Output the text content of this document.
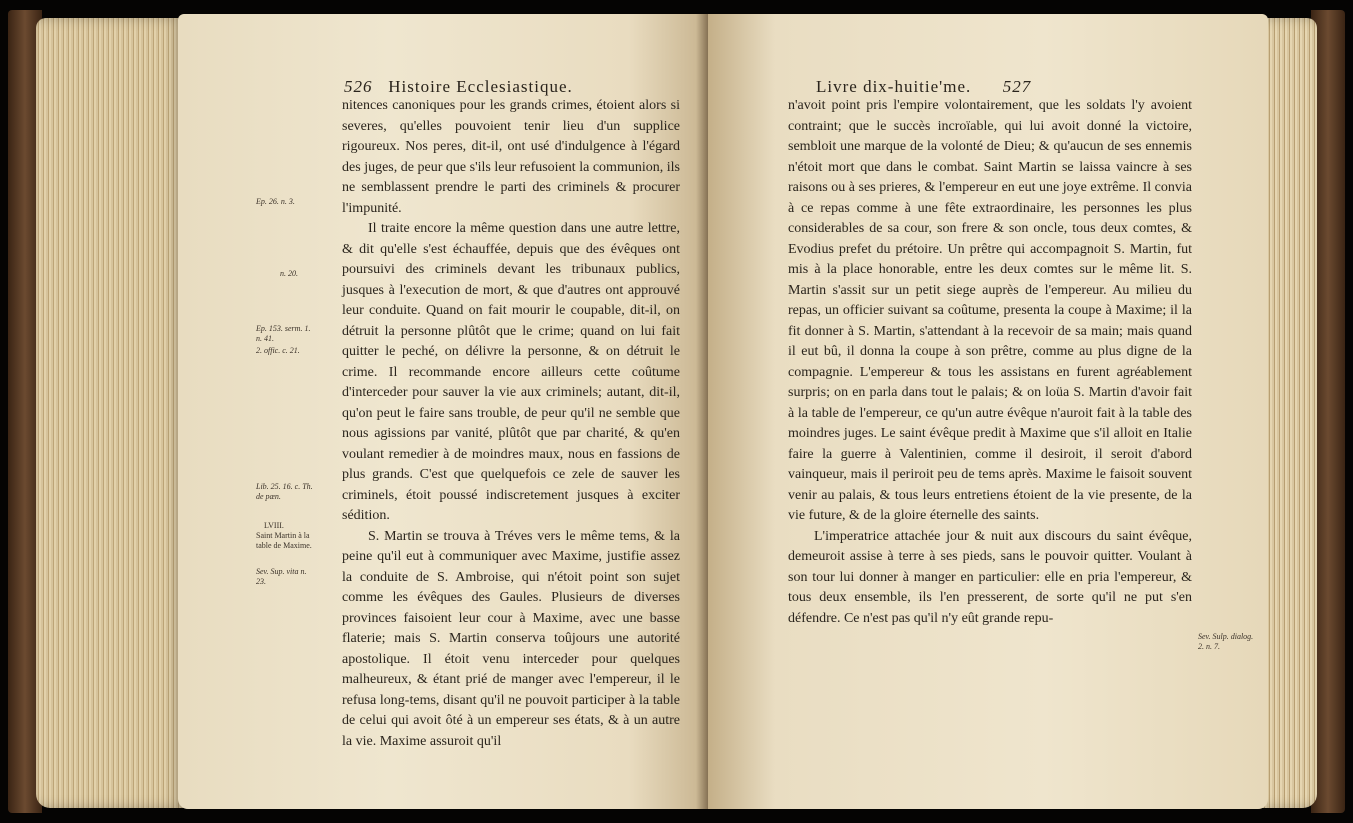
526 Histoire Ecclesiastique.
Ep. 26. n. 3.
n. 20.
Ep. 153. serm. 1. n. 41.
2. offic. c. 21.
Lib. 25. 16. c. Th. de pæn.
LVIII.
Saint Martin à la table de Maxime.
Sev. Sup. vita n. 23.

nitences canoniques pour les grands crimes, étoient alors si severes, qu'elles pouvoient tenir lieu d'un supplice rigoureux. Nos peres, dit-il, ont usé d'indulgence à l'égard des juges, de peur que s'ils leur refusoient la communion, ils ne semblassent prendre le parti des criminels & procurer l'impunité.

Il traite encore la même question dans une autre lettre, & dit qu'elle s'est échauffée, depuis que des évêques ont poursuivi des criminels devant les tribunaux publics, jusques à l'execution de mort, & que d'autres ont approuvé leur conduite. Quand on fait mourir le coupable, dit-il, on détruit la personne plûtôt que le crime; quand on lui fait quitter le peché, on délivre la personne, & on détruit le crime. Il recommande encore ailleurs cette coûtume d'interceder pour sauver la vie aux criminels; autant, dit-il, qu'on peut le faire sans trouble, de peur qu'il ne semble que nous agissions par vanité, plûtôt que par charité, & qu'en voulant remedier à de moindres maux, nous en fassions de plus grands. C'est que quelquefois ce zele de sauver les criminels, étoit poussé indiscretement jusques à exciter sédition.

S. Martin se trouva à Tréves vers le même tems, & la peine qu'il eut à communiquer avec Maxime, justifie assez la conduite de S. Ambroise, qui n'étoit point son sujet comme les évêques des Gaules. Plusieurs de diverses provinces faisoient leur cour à Maxime, avec une basse flaterie; mais S. Martin conserva toûjours une autorité apostolique. Il étoit venu interceder pour quelques malheureux, & étant prié de manger avec l'empereur, il le refusa long-tems, disant qu'il ne pouvoit participer à la table de celui qui avoit ôté à un empereur ses états, & à un autre la vie. Maxime assuroit qu'il

Livre dix-huitie'me. 527

n'avoit point pris l'empire volontairement, que les soldats l'y avoient contraint; que le succès incroïable, qui lui avoit donné la victoire, sembloit une marque de la volonté de Dieu; & qu'aucun de ses ennemis n'étoit mort que dans le combat. Saint Martin se laissa vaincre à ses raisons ou à ses prieres, & l'empereur en eut une joye extrême. Il convia à ce repas comme à une fête extraordinaire, les personnes les plus considerables de sa cour, son frere & son oncle, tous deux comtes, & Evodius prefet du prétoire. Un prêtre qui accompagnoit S. Martin, fut mis à la place honorable, entre les deux comtes sur le même lit. S. Martin s'assit sur un petit siege auprès de l'empereur. Au milieu du repas, un officier suivant sa coûtume, presenta la coupe à Maxime; il la fit donner à S. Martin, s'attendant à la recevoir de sa main; mais quand il eut bû, il donna la coupe à son prêtre, comme au plus digne de la compagnie. L'empereur & tous les assistans en furent agréablement surpris; on en parla dans tout le palais; & on loüa S. Martin d'avoir fait à la table de l'empereur, ce qu'un autre évêque n'auroit fait à la table des moindres juges. Le saint évêque predit à Maxime que s'il alloit en Italie faire la guerre à Valentinien, comme il desiroit, il seroit d'abord vainqueur, mais il periroit peu de tems après. Maxime le faisoit souvent venir au palais, & tous leurs entretiens étoient de la vie presente, de la vie future, & de la gloire éternelle des saints.

L'imperatrice attachée jour & nuit aux discours du saint évêque, demeuroit assise à terre à ses pieds, sans le pouvoir quitter. Voulant à son tour lui donner à manger en particulier: elle en pria l'empereur, & tous deux ensemble, ils l'en presserent, de sorte qu'il ne put s'en défendre. Ce n'est pas qu'il n'y eût grande repu-

Sev. Sulp. dialog. 2. n. 7.
